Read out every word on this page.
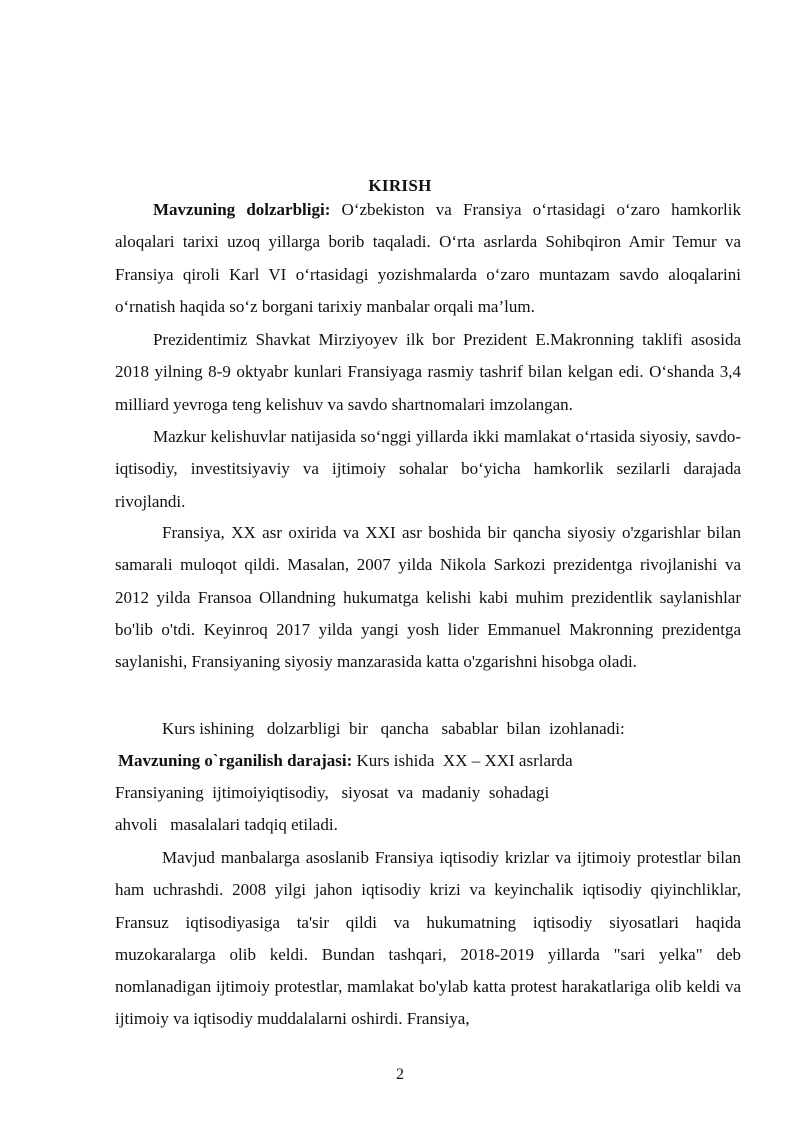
KIRISH

Mavzuning dolzarbligi: O‘zbekiston va Fransiya o‘rtasidagi o‘zaro hamkorlik aloqalari tarixi uzoq yillarga borib taqaladi. O‘rta asrlarda Sohibqiron Amir Temur va Fransiya qiroli Karl VI o‘rtasidagi yozishmalarda o‘zaro muntazam savdo aloqalarini o‘rnatish haqida so‘z borgani tarixiy manbalar orqali ma’lum.

Prezidentimiz Shavkat Mirziyoyev ilk bor Prezident E.Makronning taklifi asosida 2018 yilning 8-9 oktyabr kunlari Fransiyaga rasmiy tashrif bilan kelgan edi. O‘shanda 3,4 milliard yevroga teng kelishuv va savdo shartnomalari imzolangan.

Mazkur kelishuvlar natijasida so‘nggi yillarda ikki mamlakat o‘rtasida siyosiy, savdo-iqtisodiy, investitsiyaviy va ijtimoiy sohalar bo‘yicha hamkorlik sezilarli darajada rivojlandi.

Fransiya, XX asr oxirida va XXI asr boshida bir qancha siyosiy o'zgarishlar bilan samarali muloqot qildi. Masalan, 2007 yilda Nikola Sarkozi prezidentga rivojlanishi va 2012 yilda Fransoa Ollandning hukumatga kelishi kabi muhim prezidentlik saylanishlar bo'lib o'tdi. Keyinroq 2017 yilda yangi yosh lider Emmanuel Makronning prezidentga saylanishi, Fransiyaning siyosiy manzarasida katta o'zgarishni hisobga oladi.

Kurs ishining   dolzarbligi  bir   qancha   sabablar  bilan  izohlanadi:
Mavzuning o`rganilish darajasi: Kurs ishida  XX – XXI asrlarda
Fransiyaning  ijtimoiyiqtisodiy,   siyosat  va  madaniy  sohadagi
ahvoli   masalalari tadqiq etiladi.

Mavjud manbalarga asoslanib Fransiya iqtisodiy krizlar va ijtimoiy protestlar bilan ham uchrashdi. 2008 yilgi jahon iqtisodiy krizi va keyinchalik iqtisodiy qiyinchliklar, Fransuz iqtisodiyasiga ta'sir qildi va hukumatning iqtisodiy siyosatlari haqida muzokaralarga olib keldi. Bundan tashqari, 2018-2019 yillarda "sari yelka" deb nomlanadigan ijtimoiy protestlar, mamlakat bo'ylab katta protest harakatlariga olib keldi va ijtimoiy va iqtisodiy muddalalarni oshirdi. Fransiya,

2
